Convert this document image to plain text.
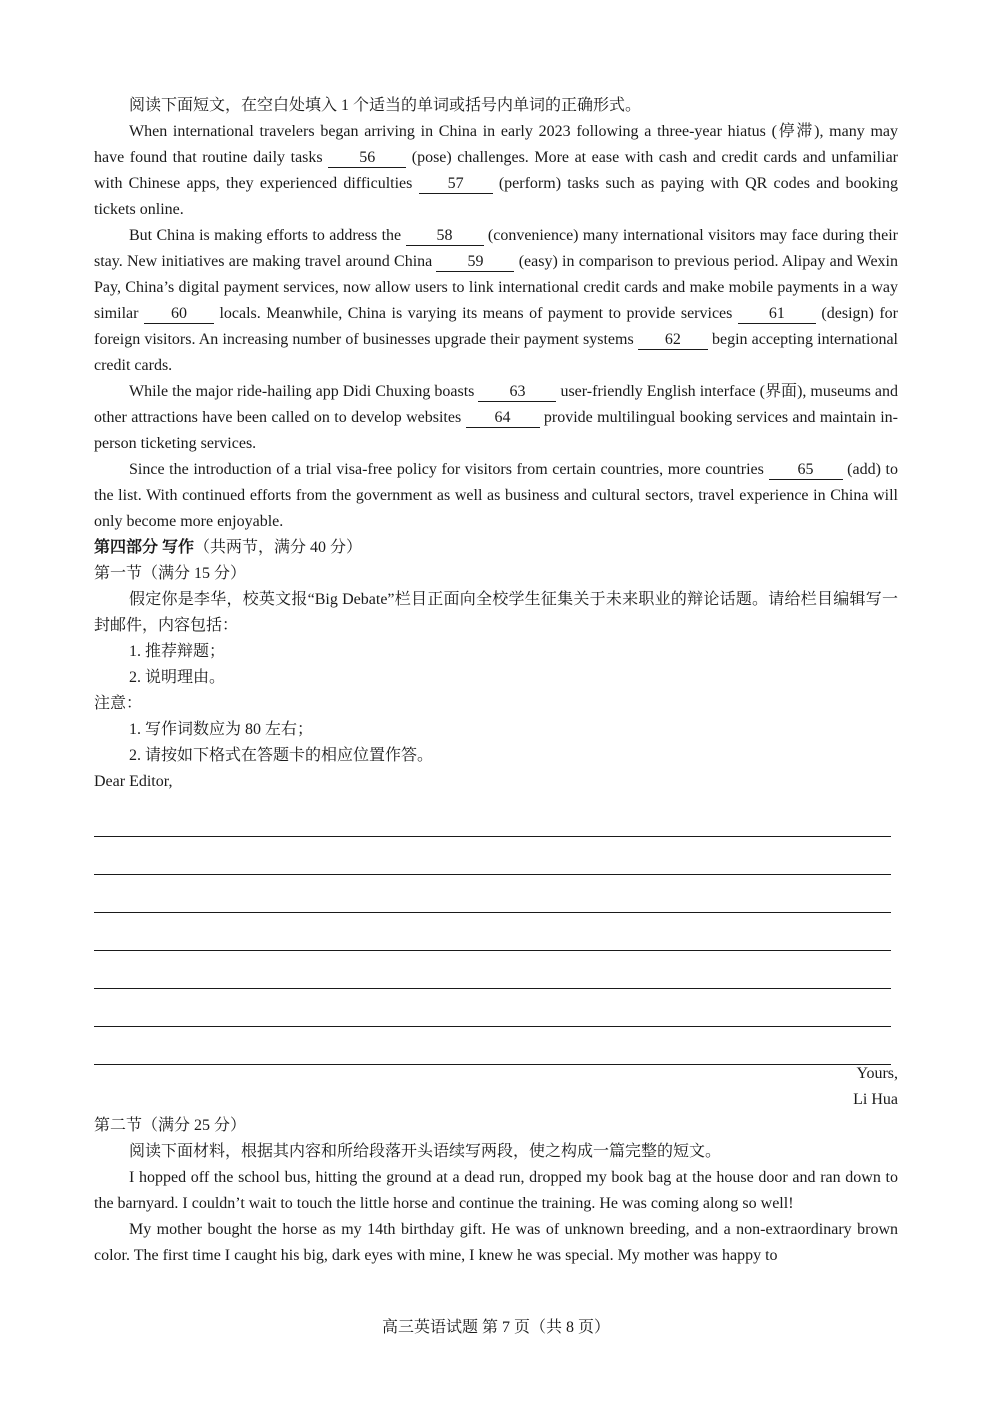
阅读下面短文，在空白处填入 1 个适当的单词或括号内单词的正确形式。

When international travelers began arriving in China in early 2023 following a three-year hiatus (停滞), many may have found that routine daily tasks 56 (pose) challenges. More at ease with cash and credit cards and unfamiliar with Chinese apps, they experienced difficulties 57 (perform) tasks such as paying with QR codes and booking tickets online.

But China is making efforts to address the 58 (convenience) many international visitors may face during their stay. New initiatives are making travel around China 59 (easy) in comparison to previous period. Alipay and Wexin Pay, China’s digital payment services, now allow users to link international credit cards and make mobile payments in a way similar 60 locals. Meanwhile, China is varying its means of payment to provide services 61 (design) for foreign visitors. An increasing number of businesses upgrade their payment systems 62 begin accepting international credit cards.

While the major ride-hailing app Didi Chuxing boasts 63 user-friendly English interface (界面), museums and other attractions have been called on to develop websites 64 provide multilingual booking services and maintain in-person ticketing services.

Since the introduction of a trial visa-free policy for visitors from certain countries, more countries 65 (add) to the list. With continued efforts from the government as well as business and cultural sectors, travel experience in China will only become more enjoyable.

第四部分 写作（共两节，满分 40 分）

第一节（满分 15 分）

假定你是李华，校英文报“Big Debate”栏目正面向全校学生征集关于未来职业的辩论话题。请给栏目编辑写一封邮件，内容包括：

1. 推荐辩题；

2. 说明理由。

注意：

1. 写作词数应为 80 左右；

2. 请按如下格式在答题卡的相应位置作答。

Dear Editor,

Yours,

Li Hua

第二节（满分 25 分）

阅读下面材料，根据其内容和所给段落开头语续写两段，使之构成一篇完整的短文。

I hopped off the school bus, hitting the ground at a dead run, dropped my book bag at the house door and ran down to the barnyard. I couldn’t wait to touch the little horse and continue the training. He was coming along so well!

My mother bought the horse as my 14th birthday gift. He was of unknown breeding, and a non-extraordinary brown color. The first time I caught his big, dark eyes with mine, I knew he was special. My mother was happy to

高三英语试题 第 7 页（共 8 页）
